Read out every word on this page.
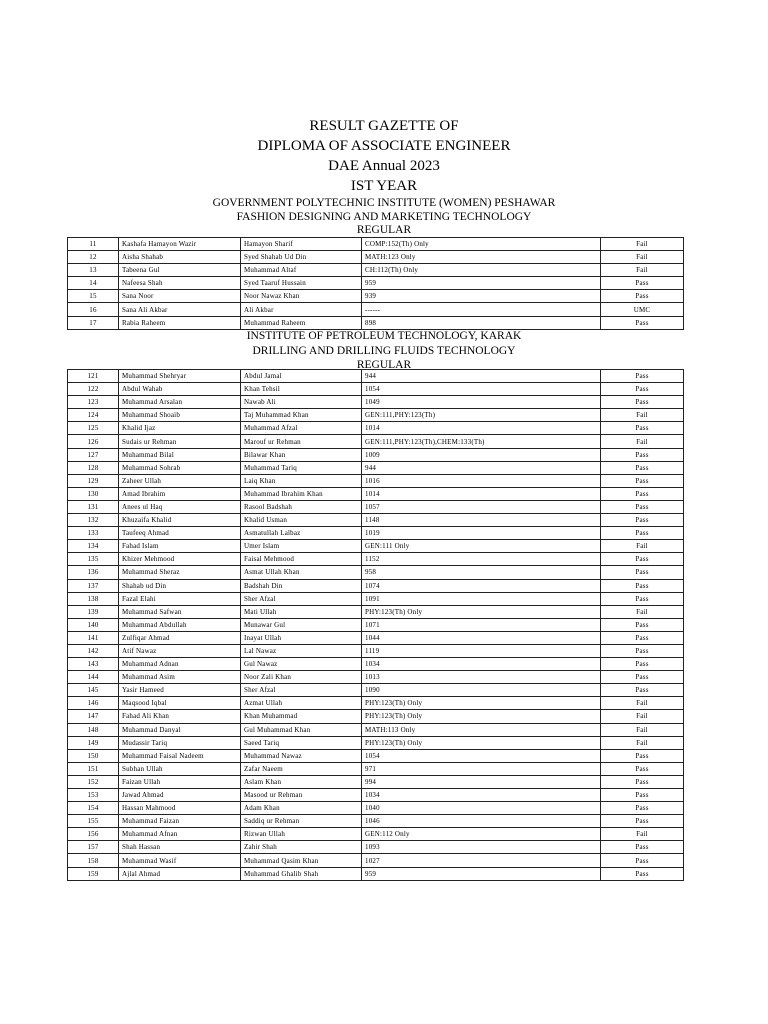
RESULT GAZETTE OF
DIPLOMA OF ASSOCIATE ENGINEER
DAE Annual 2023
IST YEAR
GOVERNMENT POLYTECHNIC INSTITUTE (WOMEN) PESHAWAR
FASHION DESIGNING AND MARKETING TECHNOLOGY
REGULAR
11	Kashafa Hamayon Wazir	Hamayon Sharif	COMP:152(Th) Only	Fail
12	Aisha Shahab	Syed Shahab Ud Din	MATH:123 Only	Fail
13	Tabeena Gul	Muhammad Altaf	CH:112(Th) Only	Fail
14	Nafeesa Shah	Syed Taaruf Hussain	959	Pass
15	Sana Noor	Noor Nawaz Khan	939	Pass
16	Sana Ali Akbar	Ali Akbar	------	UMC
17	Rabia Raheem	Muhammad Raheem	898	Pass
INSTITUTE OF PETROLEUM TECHNOLOGY, KARAK
DRILLING AND DRILLING FLUIDS TECHNOLOGY
REGULAR
121	Muhammad Shehryar	Abdul Jamal	944	Pass
122	Abdul Wahab	Khan Tehsil	1054	Pass
123	Muhammad Arsalan	Nawab Ali	1049	Pass
124	Muhammad Shoaib	Taj Muhammad Khan	GEN:111,PHY:123(Th)	Fail
125	Khalid Ijaz	Muhammad Afzal	1014	Pass
126	Sudais ur Rehman	Marouf ur Rehman	GEN:111,PHY:123(Th),CHEM:133(Th)	Fail
127	Muhammad Bilal	Bilawar Khan	1009	Pass
128	Muhammad Sohrab	Muhammad Tariq	944	Pass
129	Zaheer Ullah	Laiq Khan	1016	Pass
130	Amad Ibrahim	Muhammad Ibrahim Khan	1014	Pass
131	Anees ul Haq	Rasool Badshah	1057	Pass
132	Khuzaifa Khalid	Khalid Usman	1148	Pass
133	Taufeeq Ahmad	Asmatullah Lalbaz	1019	Pass
134	Fahad Islam	Umer Islam	GEN:111 Only	Fail
135	Khizer Mehmood	Faisal Mehmood	1152	Pass
136	Muhammad Sheraz	Asmat Ullah Khan	958	Pass
137	Shahab ud Din	Badshah Din	1074	Pass
138	Fazal Elahi	Sher Afzal	1091	Pass
139	Muhammad Safwan	Mati Ullah	PHY:123(Th) Only	Fail
140	Muhammad Abdullah	Munawar Gul	1071	Pass
141	Zulfiqar Ahmad	Inayat Ullah	1044	Pass
142	Atif Nawaz	Lal Nawaz	1119	Pass
143	Muhammad Adnan	Gul Nawaz	1034	Pass
144	Muhammad Asim	Noor Zali Khan	1013	Pass
145	Yasir Hameed	Sher Afzal	1090	Pass
146	Maqsood Iqbal	Azmat Ullah	PHY:123(Th) Only	Fail
147	Fahad Ali Khan	Khan Muhammad	PHY:123(Th) Only	Fail
148	Muhammad Danyal	Gul Muhammad Khan	MATH:113 Only	Fail
149	Mudassir Tariq	Saeed Tariq	PHY:123(Th) Only	Fail
150	Muhammad Faisal Nadeem	Muhammad Nawaz	1054	Pass
151	Subhan Ullah	Zafar Naeem	971	Pass
152	Faizan Ullah	Aslam Khan	994	Pass
153	Jawad Ahmad	Masood ur Rehman	1034	Pass
154	Hassan Mahmood	Adam Khan	1040	Pass
155	Muhammad Faizan	Saddiq ur Rehman	1046	Pass
156	Muhammad Afnan	Rizwan Ullah	GEN:112 Only	Fail
157	Shah Hassan	Zahir Shah	1093	Pass
158	Muhammad Wasif	Muhammad Qasim Khan	1027	Pass
159	Ajlal Ahmad	Muhammad Ghalib Shah	959	Pass
